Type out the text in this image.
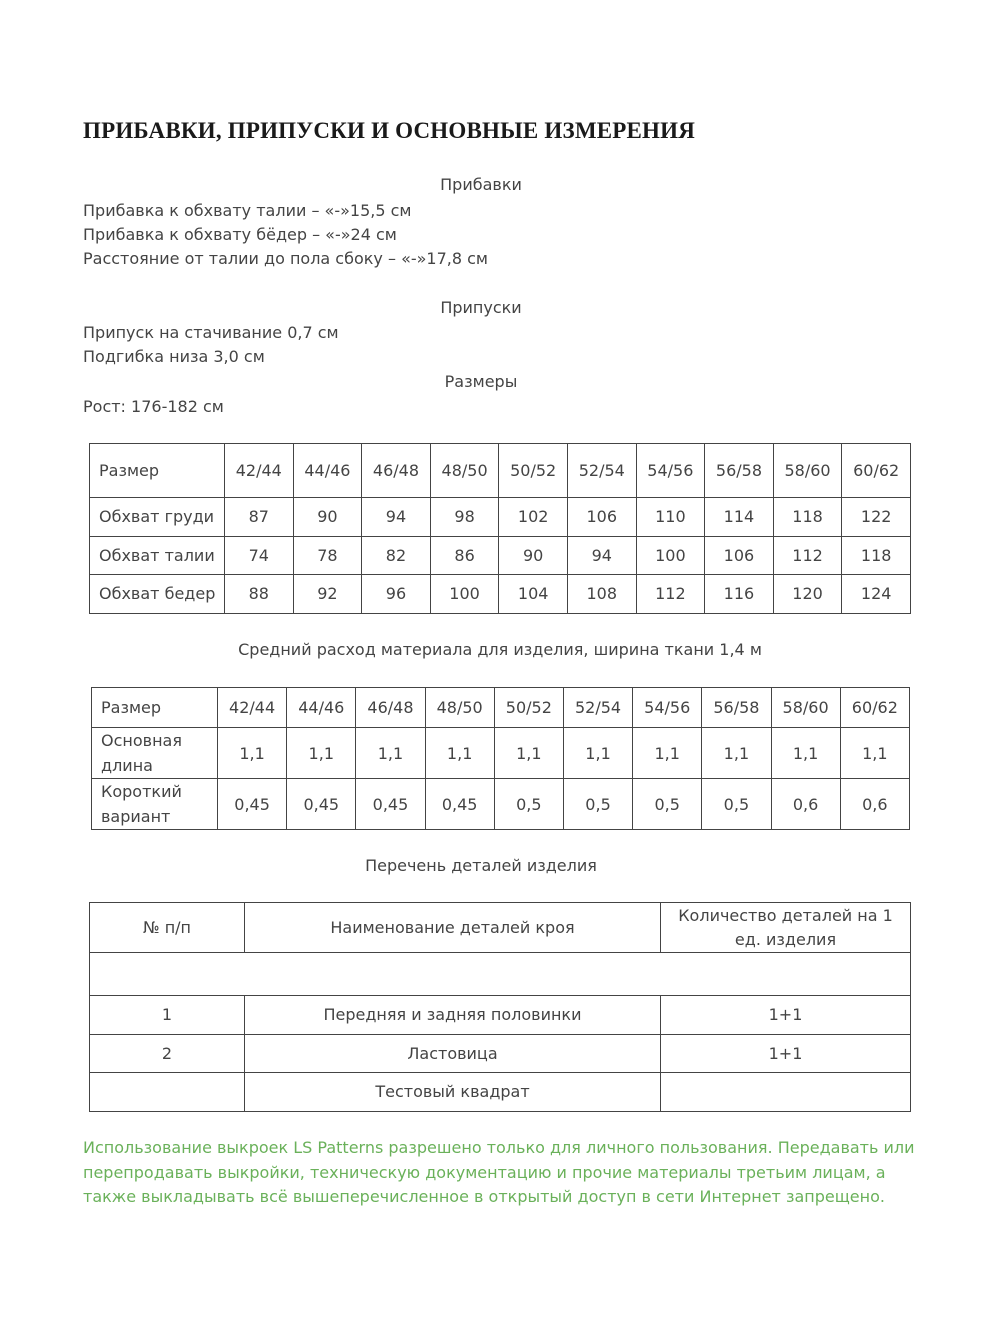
ПРИБАВКИ, ПРИПУСКИ И ОСНОВНЫЕ ИЗМЕРЕНИЯ
Прибавки
Прибавка к обхвату талии – «-»15,5 см
Прибавка к обхвату бёдер – «-»24 см
Расстояние от талии до пола сбоку – «-»17,8 см
Припуски
Припуск на стачивание 0,7 см
Подгибка низа 3,0 см
Размеры
Рост: 176-182 см
Размер	42/44	44/46	46/48	48/50	50/52	52/54	54/56	56/58	58/60	60/62
Обхват груди	87	90	94	98	102	106	110	114	118	122
Обхват талии	74	78	82	86	90	94	100	106	112	118
Обхват бедер	88	92	96	100	104	108	112	116	120	124
Средний расход материала для изделия, ширина ткани 1,4 м
Размер	42/44	44/46	46/48	48/50	50/52	52/54	54/56	56/58	58/60	60/62
Основная длина	1,1	1,1	1,1	1,1	1,1	1,1	1,1	1,1	1,1	1,1
Короткий вариант	0,45	0,45	0,45	0,45	0,5	0,5	0,5	0,5	0,6	0,6
Перечень деталей изделия
№ п/п	Наименование деталей кроя	Количество деталей на 1 ед. изделия

1	Передняя и задняя половинки	1+1
2	Ластовица	1+1
	Тестовый квадрат	
Использование выкроек LS Patterns разрешено только для личного пользования. Передавать или перепродавать выкройки, техническую документацию и прочие материалы третьим лицам, а также выкладывать всё вышеперечисленное в открытый доступ в сети Интернет запрещено.
